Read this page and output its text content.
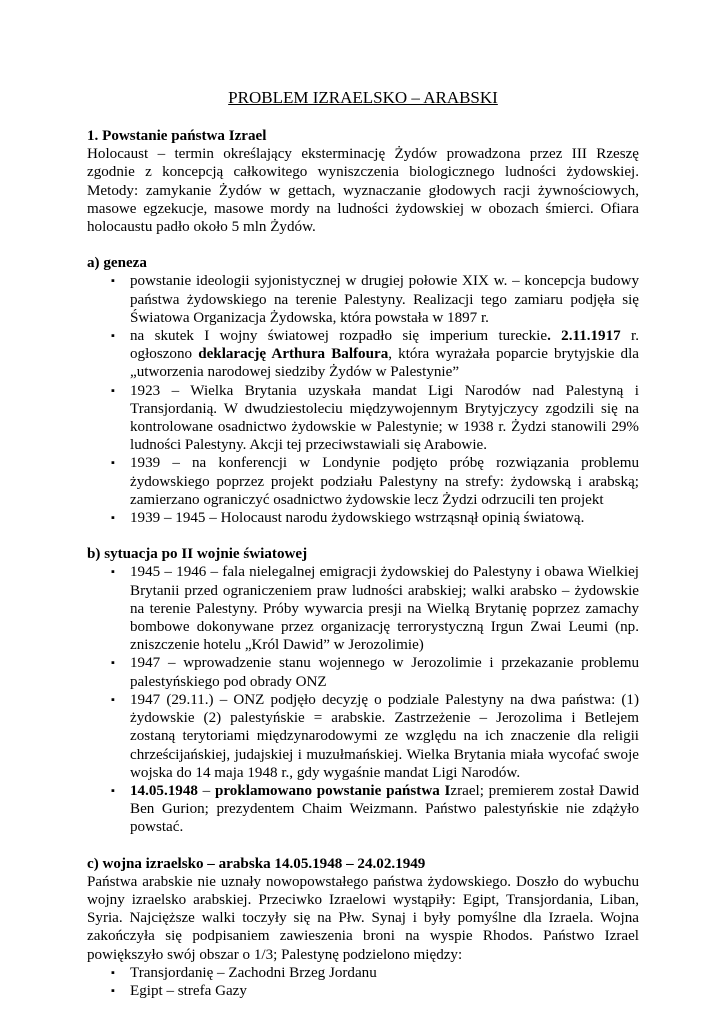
PROBLEM IZRAELSKO – ARABSKI

1. Powstanie państwa Izrael

Holocaust – termin określający eksterminację Żydów prowadzona przez III Rzeszę zgodnie z koncepcją całkowitego wyniszczenia biologicznego ludności żydowskiej. Metody: zamykanie Żydów w gettach, wyznaczanie głodowych racji żywnościowych, masowe egzekucje, masowe mordy na ludności żydowskiej w obozach śmierci. Ofiara holocaustu padło około 5 mln Żydów.

a) geneza

▪ powstanie ideologii syjonistycznej w drugiej połowie XIX w. – koncepcja budowy państwa żydowskiego na terenie Palestyny. Realizacji tego zamiaru podjęła się Światowa Organizacja Żydowska, która powstała w 1897 r.
▪ na skutek I wojny światowej rozpadło się imperium tureckie. 2.11.1917 r. ogłoszono deklarację Arthura Balfoura, która wyrażała poparcie brytyjskie dla „utworzenia narodowej siedziby Żydów w Palestynie”
▪ 1923 – Wielka Brytania uzyskała mandat Ligi Narodów nad Palestyną i Transjordanią. W dwudziestoleciu międzywojennym Brytyjczycy zgodzili się na kontrolowane osadnictwo żydowskie w Palestynie; w 1938 r. Żydzi stanowili 29% ludności Palestyny. Akcji tej przeciwstawiali się Arabowie.
▪ 1939 – na konferencji w Londynie podjęto próbę rozwiązania problemu żydowskiego poprzez projekt podziału Palestyny na strefy: żydowską i arabską; zamierzano ograniczyć osadnictwo żydowskie lecz Żydzi odrzucili ten projekt
▪ 1939 – 1945 – Holocaust narodu żydowskiego wstrząsnął opinią światową.

b) sytuacja po II wojnie światowej

▪ 1945 – 1946 – fala nielegalnej emigracji żydowskiej do Palestyny i obawa Wielkiej Brytanii przed ograniczeniem praw ludności arabskiej; walki arabsko – żydowskie na terenie Palestyny. Próby wywarcia presji na Wielką Brytanię poprzez zamachy bombowe dokonywane przez organizację terrorystyczną Irgun Zwai Leumi (np. zniszczenie hotelu „Król Dawid” w Jerozolimie)
▪ 1947 – wprowadzenie stanu wojennego w Jerozolimie i przekazanie problemu palestyńskiego pod obrady ONZ
▪ 1947 (29.11.) – ONZ podjęło decyzję o podziale Palestyny na dwa państwa: (1) żydowskie (2) palestyńskie = arabskie. Zastrzeżenie – Jerozolima i Betlejem zostaną terytoriami międzynarodowymi ze względu na ich znaczenie dla religii chrześcijańskiej, judajskiej i muzułmańskiej. Wielka Brytania miała wycofać swoje wojska do 14 maja 1948 r., gdy wygaśnie mandat Ligi Narodów.
▪ 14.05.1948 – proklamowano powstanie państwa Izrael; premierem został Dawid Ben Gurion; prezydentem Chaim Weizmann. Państwo palestyńskie nie zdążyło powstać.

c) wojna izraelsko – arabska 14.05.1948 – 24.02.1949

Państwa arabskie nie uznały nowopowstałego państwa żydowskiego. Doszło do wybuchu wojny izraelsko arabskiej. Przeciwko Izraelowi wystąpiły: Egipt, Transjordania, Liban, Syria. Najcięższe walki toczyły się na Płw. Synaj i były pomyślne dla Izraela. Wojna zakończyła się podpisaniem zawieszenia broni na wyspie Rhodos. Państwo Izrael powiększyło swój obszar o 1/3; Palestynę podzielono między:

▪ Transjordanię – Zachodni Brzeg Jordanu
▪ Egipt – strefa Gazy
